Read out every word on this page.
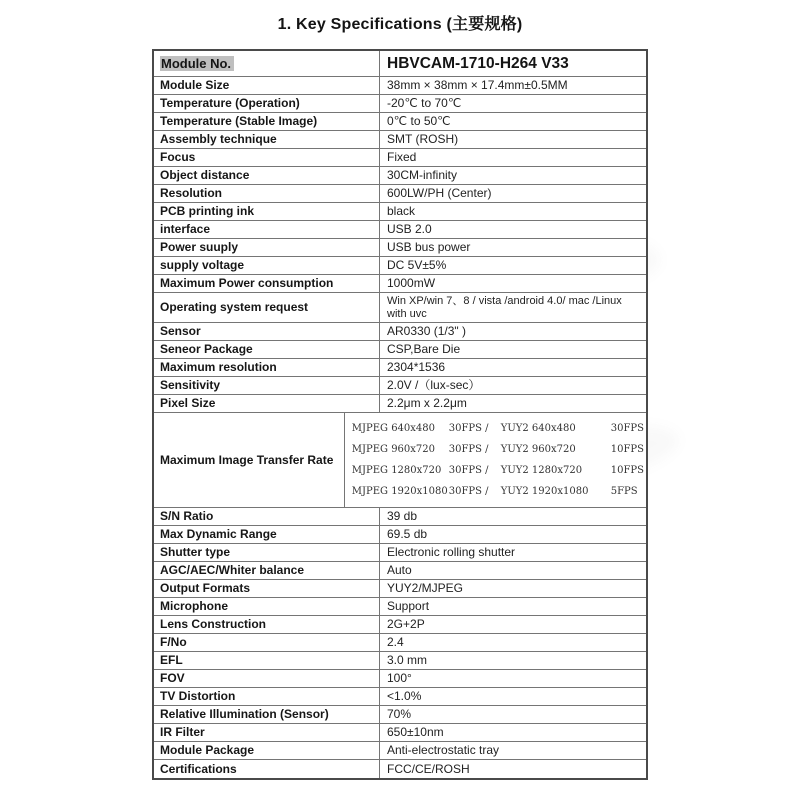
1. Key Specifications (主要规格)
Module No.	HBVCAM-1710-H264 V33
Module Size	38mm × 38mm × 17.4mm±0.5MM
Temperature (Operation)	-20℃ to 70℃
Temperature (Stable Image)	0℃ to 50℃
Assembly technique	SMT (ROSH)
Focus	Fixed
Object distance	30CM-infinity
Resolution	600LW/PH (Center)
PCB printing ink	black
interface	USB 2.0
Power suuply	USB bus power
supply voltage	DC 5V±5%
Maximum Power consumption	1000mW
Operating system request	Win XP/win 7、8 / vista /android 4.0/ mac /Linux with uvc
Sensor	AR0330 (1/3" )
Seneor Package	CSP,Bare Die
Maximum resolution	2304*1536
Sensitivity	2.0V /（lux-sec）
Pixel Size	2.2μm x 2.2μm
Maximum Image Transfer Rate
MJPEG 640x480	30FPS /	YUY2 640x480	30FPS
MJPEG 960x720	30FPS /	YUY2 960x720	10FPS
MJPEG 1280x720 30FPS /	YUY2 1280x720	10FPS
MJPEG 1920x1080 30FPS /	YUY2 1920x1080	5FPS
S/N Ratio	39 db
Max Dynamic Range	69.5 db
Shutter type	Electronic rolling shutter
AGC/AEC/Whiter balance	Auto
Output Formats	YUY2/MJPEG
Microphone	Support
Lens Construction	2G+2P
F/No	2.4
EFL	3.0 mm
FOV	100°
TV Distortion	<1.0%
Relative Illumination (Sensor)	70%
IR Filter	650±10nm
Module Package	Anti-electrostatic tray
Certifications	FCC/CE/ROSH
